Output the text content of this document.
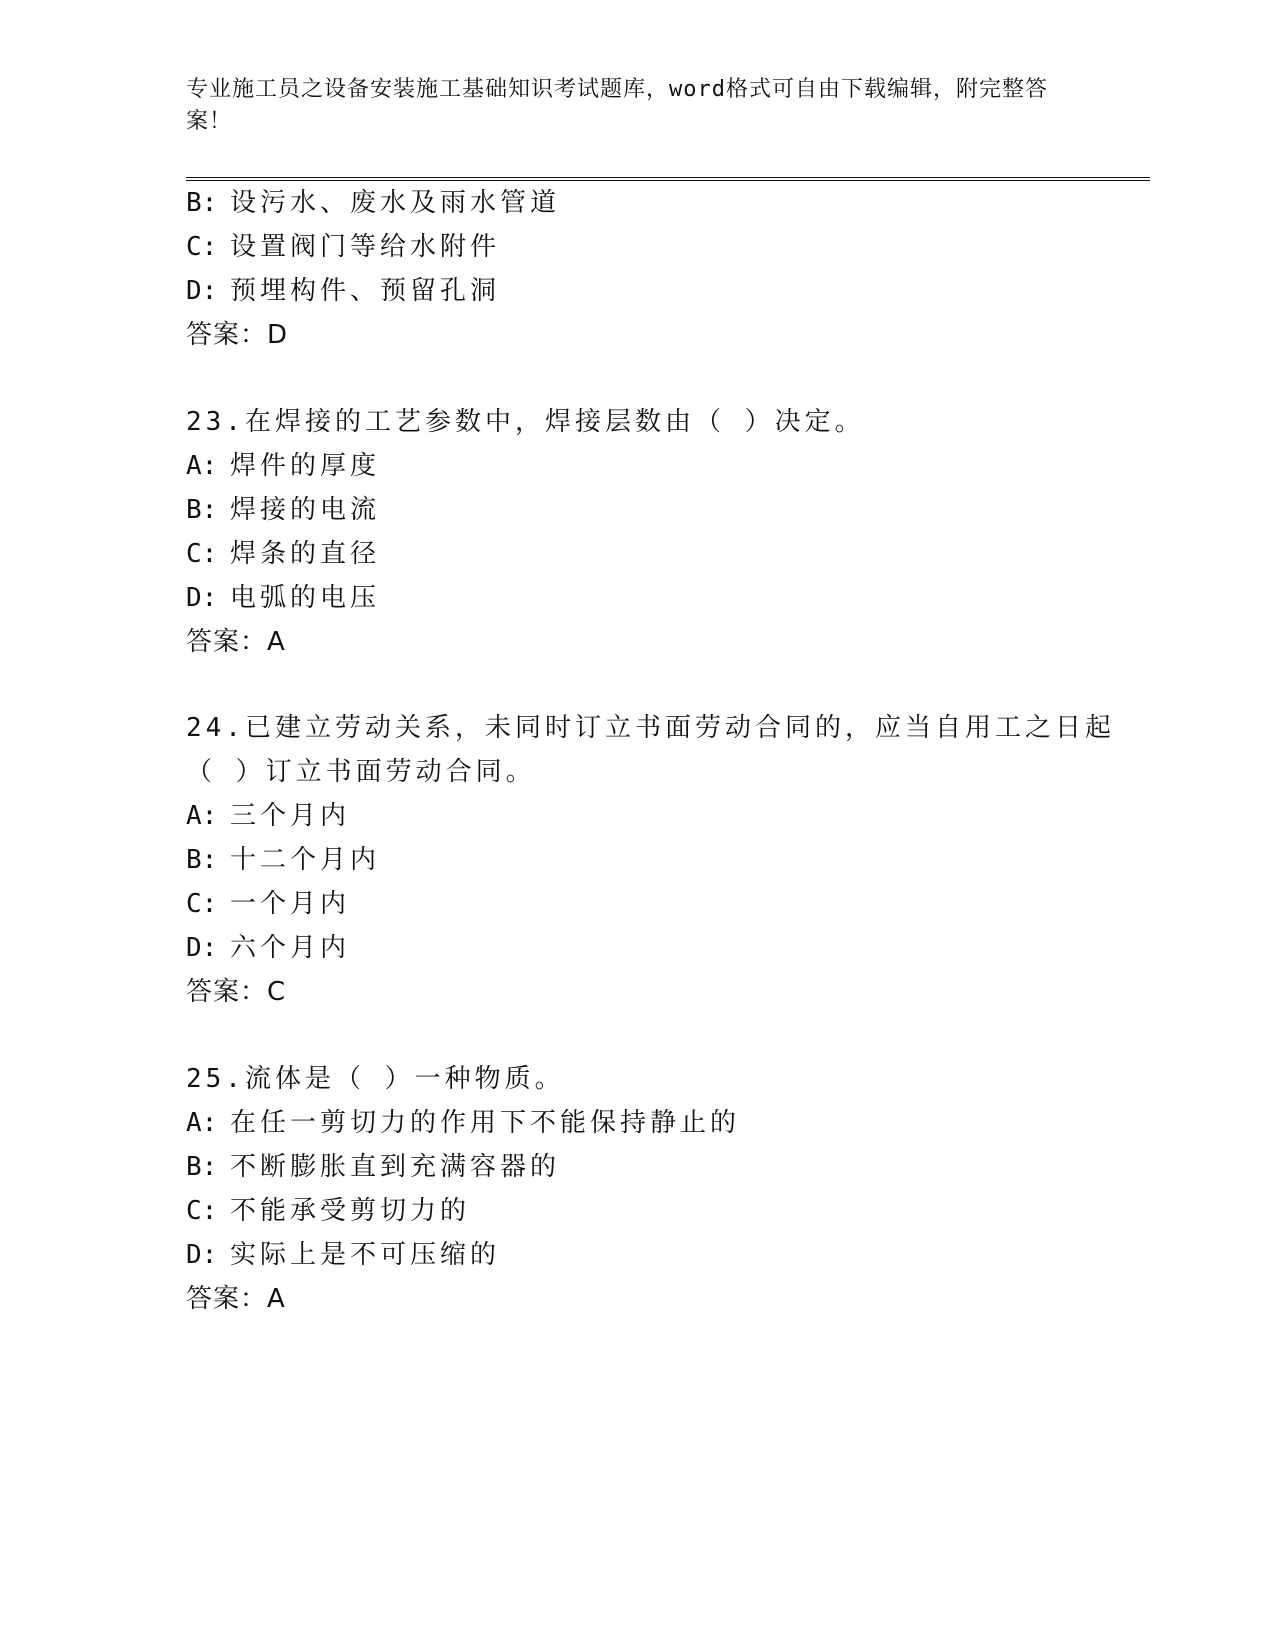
专业施工员之设备安装施工基础知识考试题库，word格式可自由下载编辑，附完整答案！
B: 设污水、废水及雨水管道
C: 设置阀门等给水附件
D: 预埋构件、预留孔洞
答案：D
23.在焊接的工艺参数中，焊接层数由（ ）决定。
A: 焊件的厚度
B: 焊接的电流
C: 焊条的直径
D: 电弧的电压
答案：A
24.已建立劳动关系，未同时订立书面劳动合同的，应当自用工之日起
（ ）订立书面劳动合同。
A: 三个月内
B: 十二个月内
C: 一个月内
D: 六个月内
答案：C
25.流体是（ ）一种物质。
A: 在任一剪切力的作用下不能保持静止的
B: 不断膨胀直到充满容器的
C: 不能承受剪切力的
D: 实际上是不可压缩的
答案：A
